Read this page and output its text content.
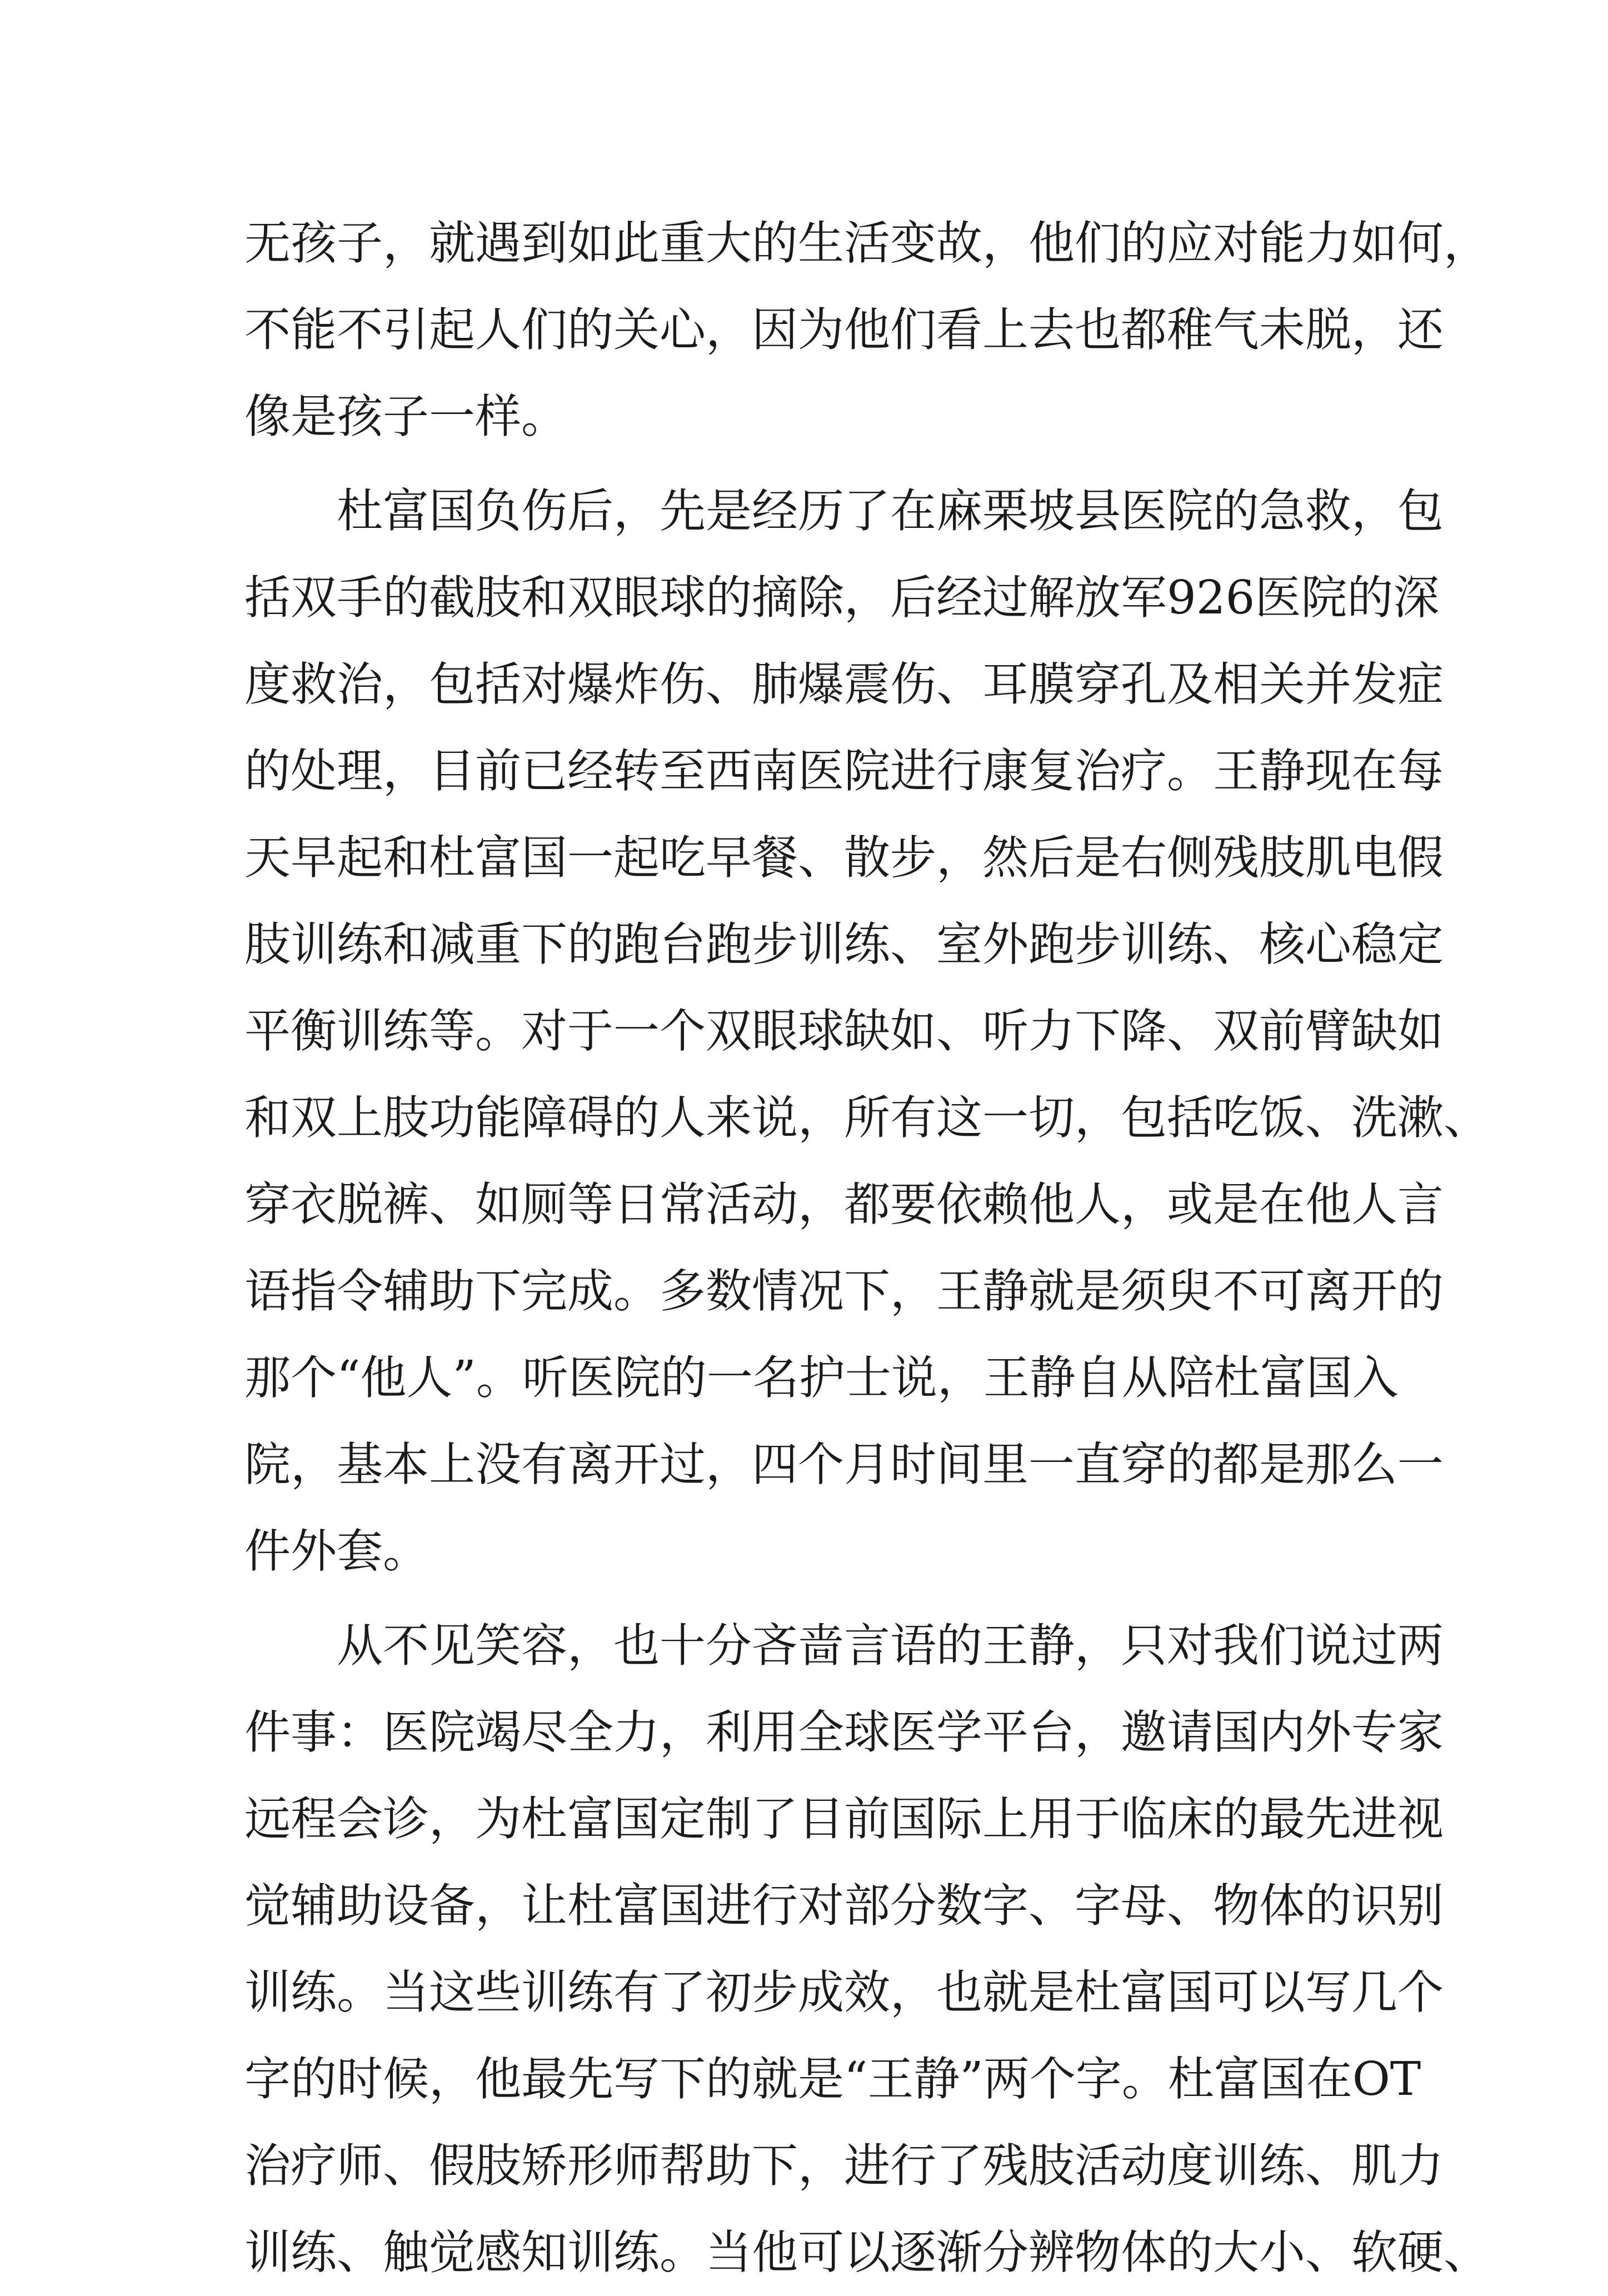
无孩子，就遇到如此重大的生活变故，他们的应对能力如何，
不能不引起人们的关心，因为他们看上去也都稚气未脱，还
像是孩子一样。
　　杜富国负伤后，先是经历了在麻栗坡县医院的急救，包
括双手的截肢和双眼球的摘除，后经过解放军926医院的深
度救治，包括对爆炸伤、肺爆震伤、耳膜穿孔及相关并发症
的处理，目前已经转至西南医院进行康复治疗。王静现在每
天早起和杜富国一起吃早餐、散步，然后是右侧残肢肌电假
肢训练和减重下的跑台跑步训练、室外跑步训练、核心稳定
平衡训练等。对于一个双眼球缺如、听力下降、双前臂缺如
和双上肢功能障碍的人来说，所有这一切，包括吃饭、洗漱、
穿衣脱裤、如厕等日常活动，都要依赖他人，或是在他人言
语指令辅助下完成。多数情况下，王静就是须臾不可离开的
那个“他人”。听医院的一名护士说，王静自从陪杜富国入
院，基本上没有离开过，四个月时间里一直穿的都是那么一
件外套。
　　从不见笑容，也十分吝啬言语的王静，只对我们说过两
件事：医院竭尽全力，利用全球医学平台，邀请国内外专家
远程会诊，为杜富国定制了目前国际上用于临床的最先进视
觉辅助设备，让杜富国进行对部分数字、字母、物体的识别
训练。当这些训练有了初步成效，也就是杜富国可以写几个
字的时候，他最先写下的就是“王静”两个字。杜富国在OT
治疗师、假肢矫形师帮助下，进行了残肢活动度训练、肌力
训练、触觉感知训练。当他可以逐渐分辨物体的大小、软硬、
